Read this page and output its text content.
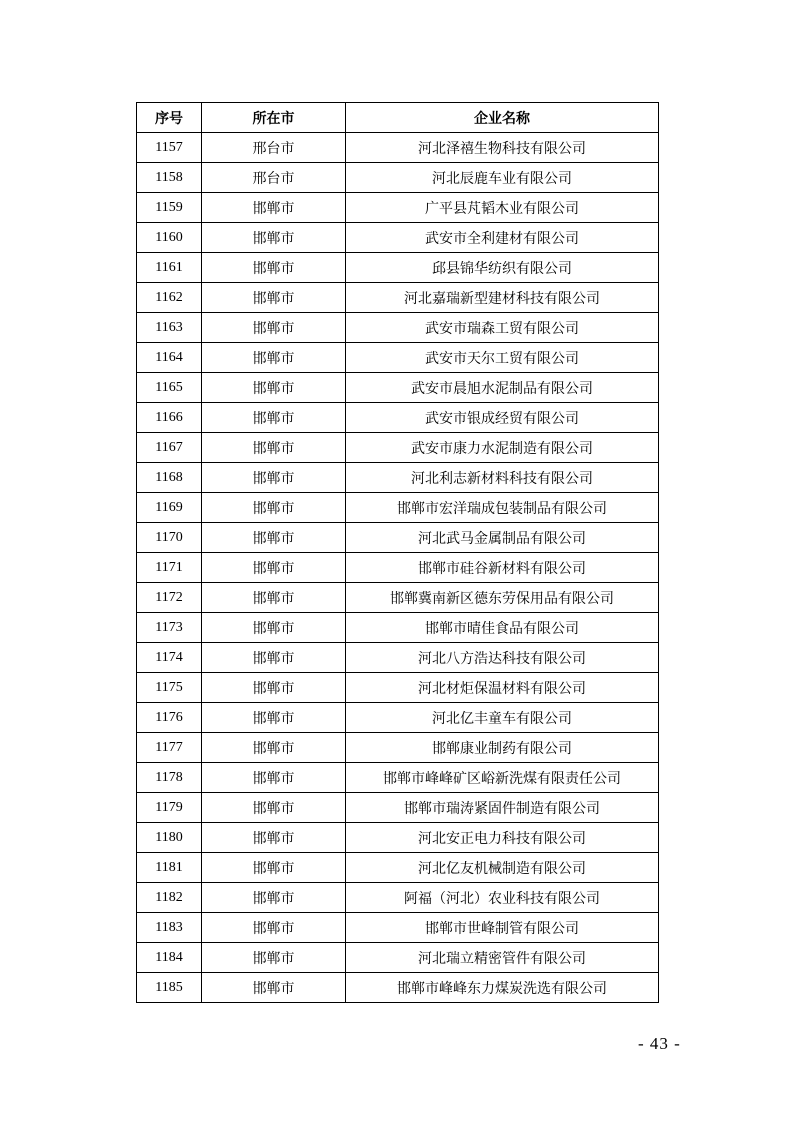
序号	所在市	企业名称
1157	邢台市	河北泽禧生物科技有限公司
1158	邢台市	河北辰鹿车业有限公司
1159	邯郸市	广平县芃韬木业有限公司
1160	邯郸市	武安市全利建材有限公司
1161	邯郸市	邱县锦华纺织有限公司
1162	邯郸市	河北嘉瑞新型建材科技有限公司
1163	邯郸市	武安市瑞森工贸有限公司
1164	邯郸市	武安市天尔工贸有限公司
1165	邯郸市	武安市晨旭水泥制品有限公司
1166	邯郸市	武安市银成经贸有限公司
1167	邯郸市	武安市康力水泥制造有限公司
1168	邯郸市	河北利志新材料科技有限公司
1169	邯郸市	邯郸市宏洋瑞成包装制品有限公司
1170	邯郸市	河北武马金属制品有限公司
1171	邯郸市	邯郸市硅谷新材料有限公司
1172	邯郸市	邯郸冀南新区德东劳保用品有限公司
1173	邯郸市	邯郸市晴佳食品有限公司
1174	邯郸市	河北八方浩达科技有限公司
1175	邯郸市	河北材炬保温材料有限公司
1176	邯郸市	河北亿丰童车有限公司
1177	邯郸市	邯郸康业制药有限公司
1178	邯郸市	邯郸市峰峰矿区峪新洗煤有限责任公司
1179	邯郸市	邯郸市瑞涛紧固件制造有限公司
1180	邯郸市	河北安正电力科技有限公司
1181	邯郸市	河北亿友机械制造有限公司
1182	邯郸市	阿福（河北）农业科技有限公司
1183	邯郸市	邯郸市世峰制管有限公司
1184	邯郸市	河北瑞立精密管件有限公司
1185	邯郸市	邯郸市峰峰东力煤炭洗选有限公司
- 43 -
